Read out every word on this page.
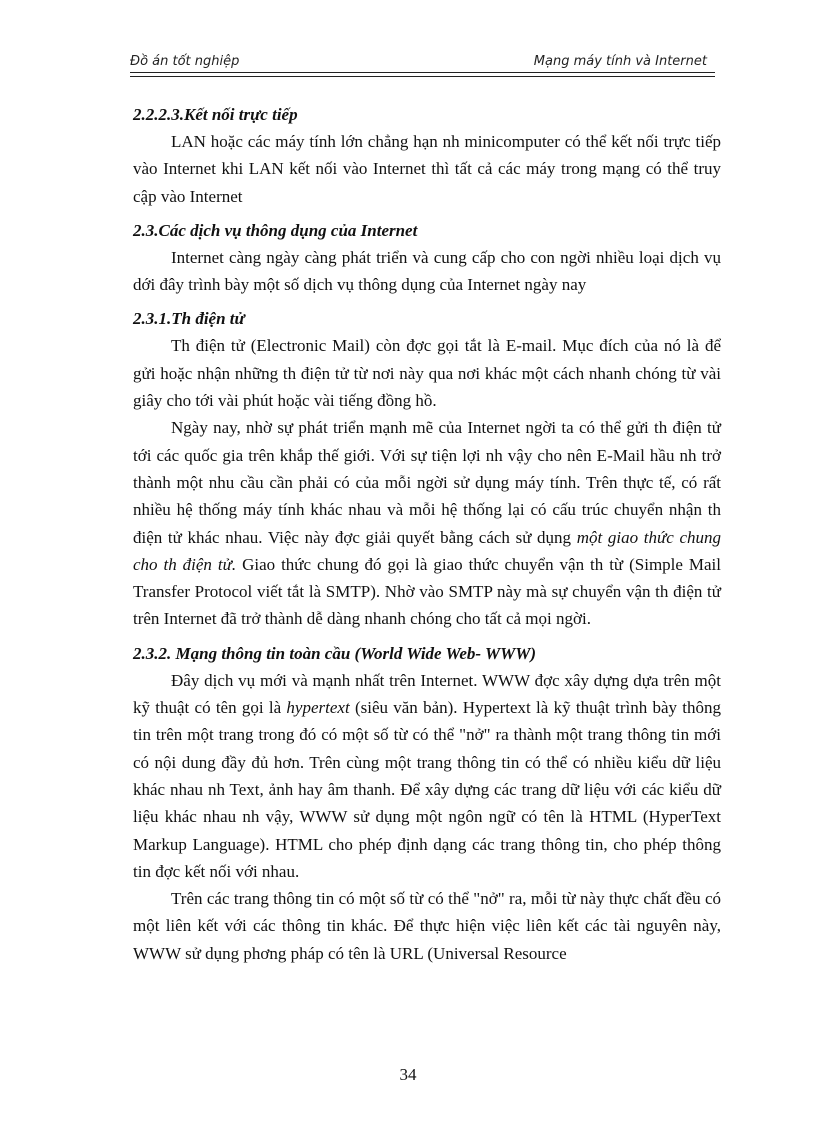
Đồ án tốt nghiệp	Mạng máy tính và Internet
2.2.2.3.Kết nối trực tiếp

LAN hoặc các máy tính lớn chẳng hạn nh minicomputer có thể kết nối trực tiếp vào Internet khi LAN kết nối vào Internet thì tất cả các máy trong mạng có thể truy cập vào Internet

2.3.Các dịch vụ thông dụng của Internet

Internet càng ngày càng phát triển và cung cấp cho con ngời nhiều loại dịch vụ dới đây trình bày một số dịch vụ thông dụng của Internet ngày nay

2.3.1.Th điện tử

Th điện tử (Electronic Mail) còn đợc gọi tắt là E-mail. Mục đích của nó là để gửi hoặc nhận những th điện tử từ nơi này qua nơi khác một cách nhanh chóng từ vài giây cho tới vài phút hoặc vài tiếng đồng hồ.

Ngày nay, nhờ sự phát triển mạnh mẽ của Internet ngời ta có thể gửi th điện tử tới các quốc gia trên khắp thế giới. Với sự tiện lợi nh vậy cho nên E-Mail hầu nh trở thành một nhu cầu cần phải có của mỗi ngời sử dụng máy tính. Trên thực tế, có rất nhiều hệ thống máy tính khác nhau và mỗi hệ thống lại có cấu trúc chuyển nhận th điện tử khác nhau. Việc này đợc giải quyết bằng cách sử dụng một giao thức chung cho th điện tử. Giao thức chung đó gọi là giao thức chuyển vận th từ (Simple Mail Transfer Protocol viết tắt là SMTP). Nhờ vào SMTP này mà sự chuyển vận th điện tử trên Internet đã trở thành dễ dàng nhanh chóng cho tất cả mọi ngời.

2.3.2. Mạng thông tin toàn cầu (World Wide Web- WWW)

Đây dịch vụ mới và mạnh nhất trên Internet. WWW đợc xây dựng dựa trên một kỹ thuật có tên gọi là hypertext (siêu văn bản). Hypertext là kỹ thuật trình bày thông tin trên một trang trong đó có một số từ có thể "nở" ra thành một trang thông tin mới có nội dung đầy đủ hơn. Trên cùng một trang thông tin có thể có nhiều kiểu dữ liệu khác nhau nh Text, ảnh hay âm thanh. Để xây dựng các trang dữ liệu với các kiểu dữ liệu khác nhau nh vậy, WWW sử dụng một ngôn ngữ có tên là HTML (HyperText Markup Language). HTML cho phép định dạng các trang thông tin, cho phép thông tin đợc kết nối với nhau.

Trên các trang thông tin có một số từ có thể "nở" ra, mỗi từ này thực chất đều có một liên kết với các thông tin khác. Để thực hiện việc liên kết các tài nguyên này, WWW sử dụng phơng pháp có tên là URL (Universal Resource

34
